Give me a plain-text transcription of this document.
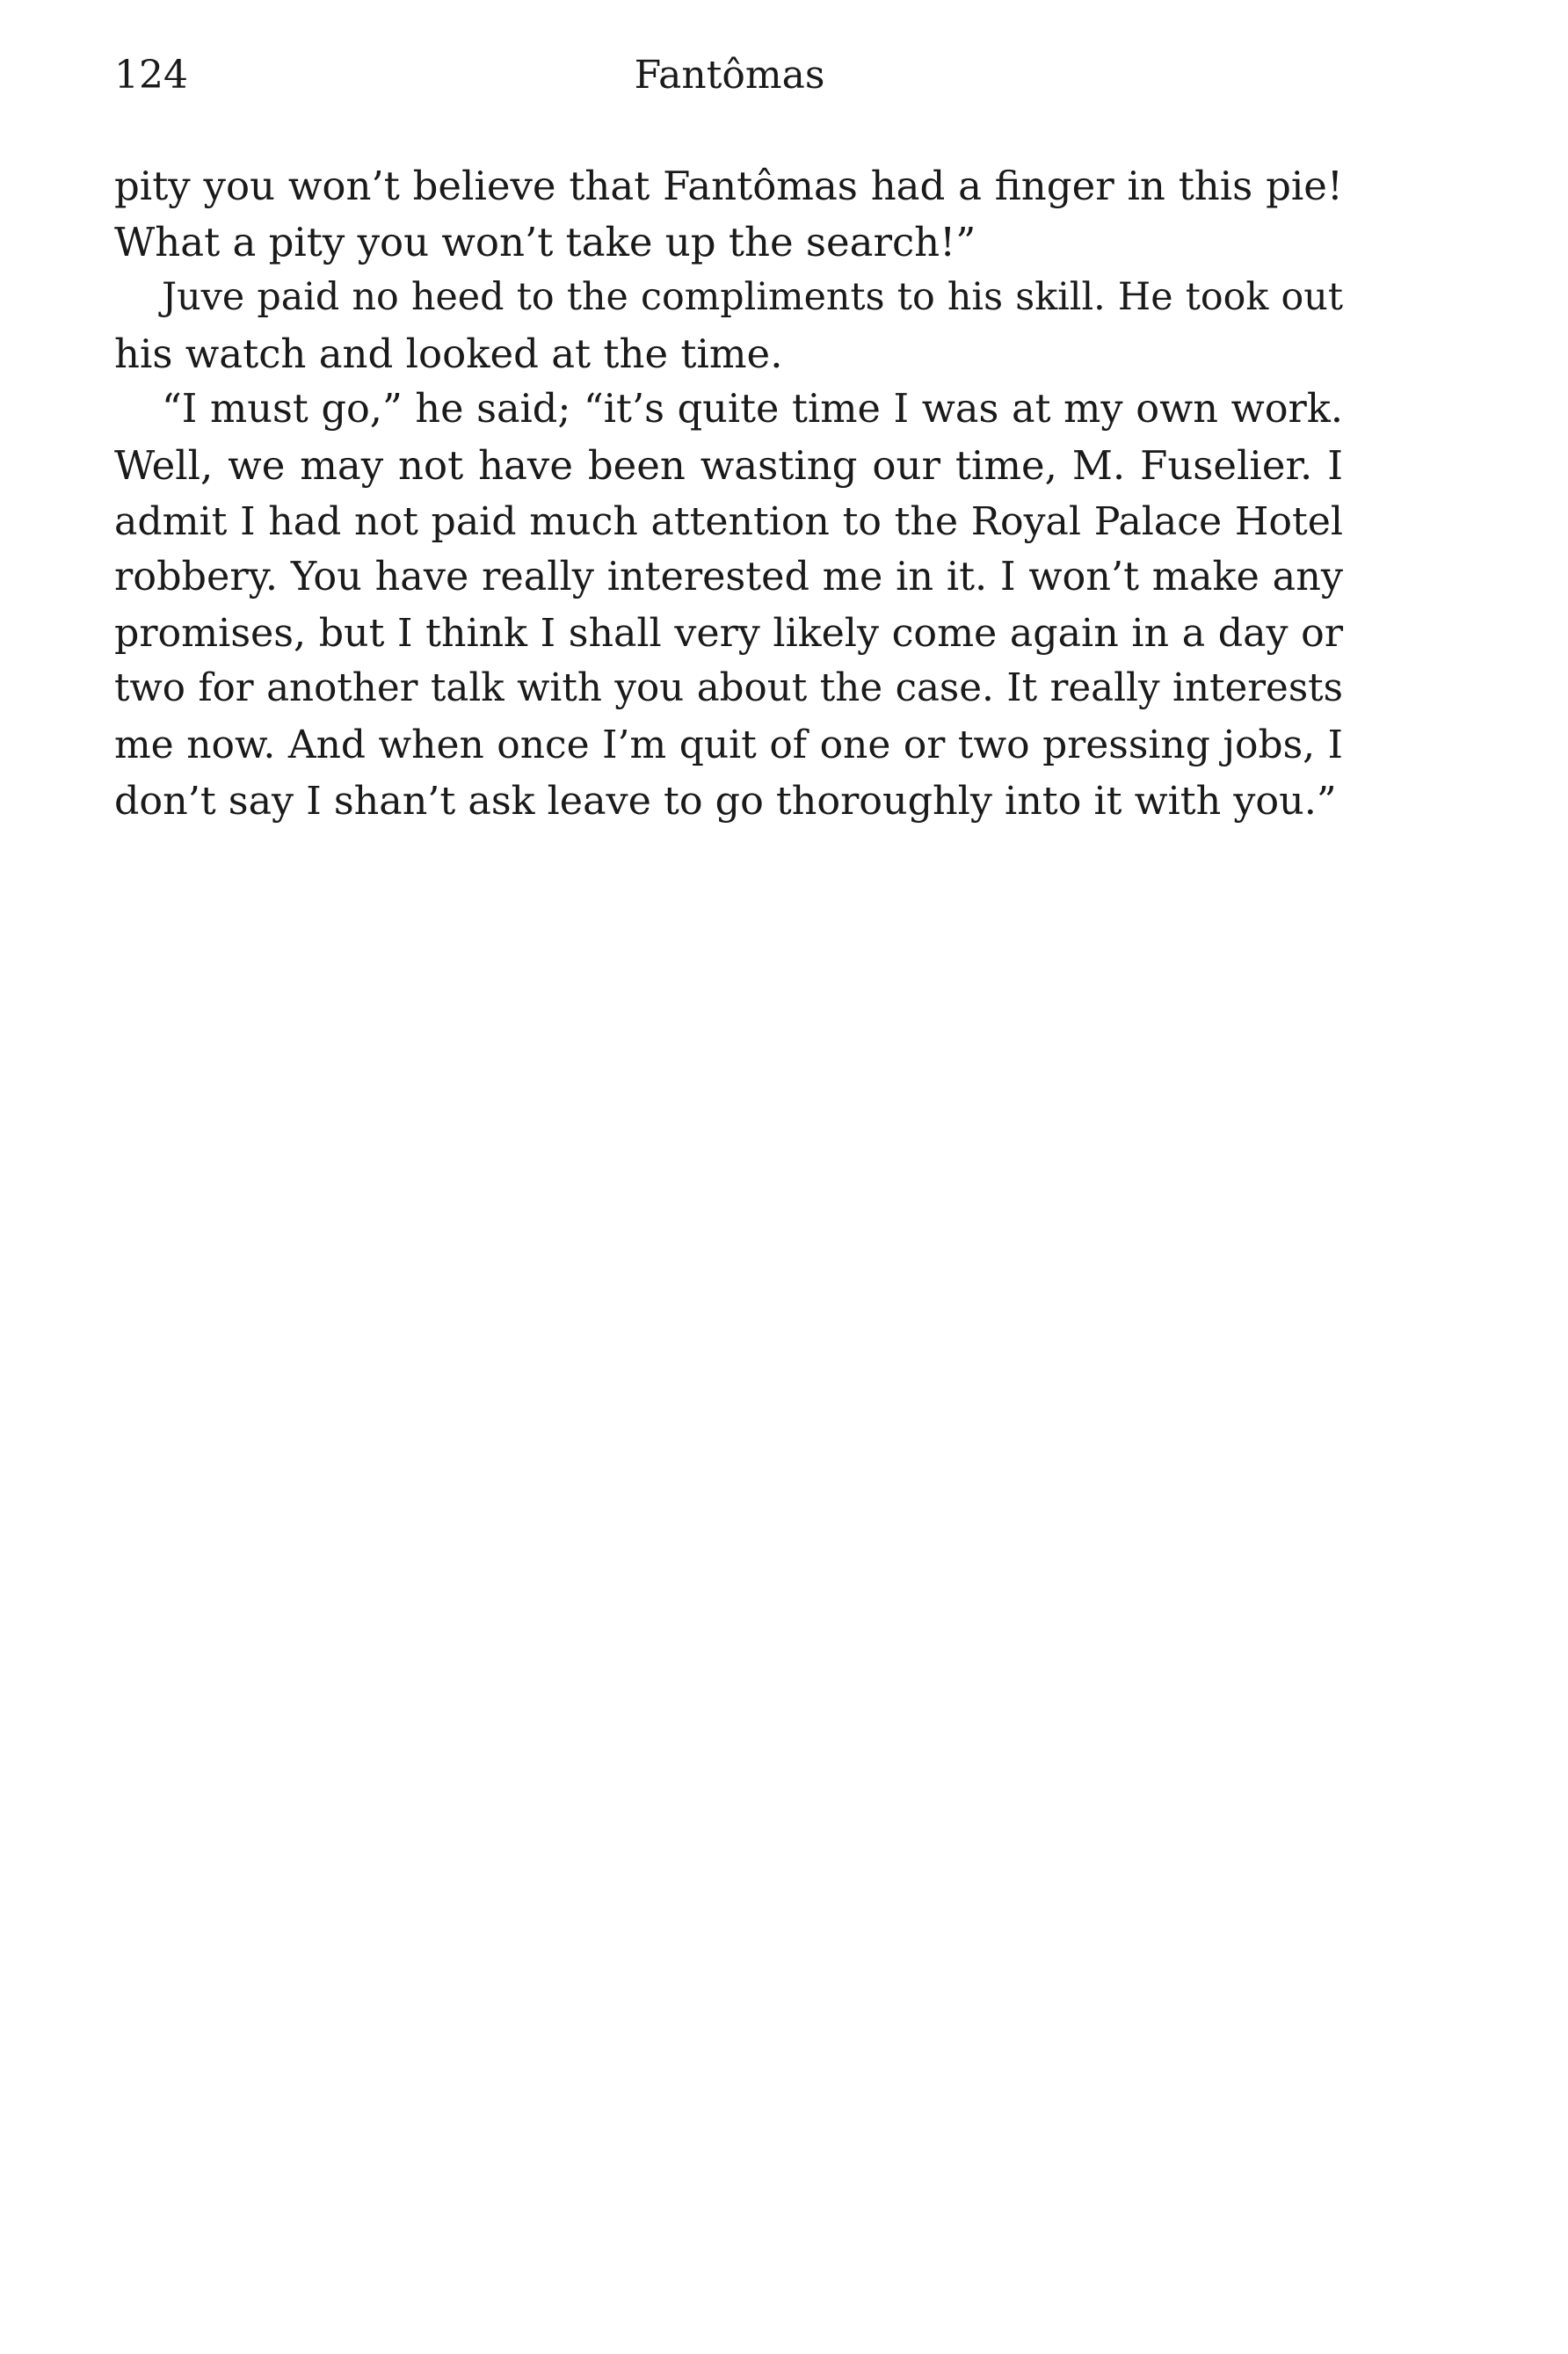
124	Fantômas
pity you won’t believe that Fantômas had a finger in this pie!
What a pity you won’t take up the search!”
Juve paid no heed to the compliments to his skill. He took out
his watch and looked at the time.
“I must go,” he said; “it’s quite time I was at my own work.
Well, we may not have been wasting our time, M. Fuselier. I
admit I had not paid much attention to the Royal Palace Hotel
robbery. You have really interested me in it. I won’t make any
promises, but I think I shall very likely come again in a day or
two for another talk with you about the case. It really interests
me now. And when once I’m quit of one or two pressing jobs, I
don’t say I shan’t ask leave to go thoroughly into it with you.”
